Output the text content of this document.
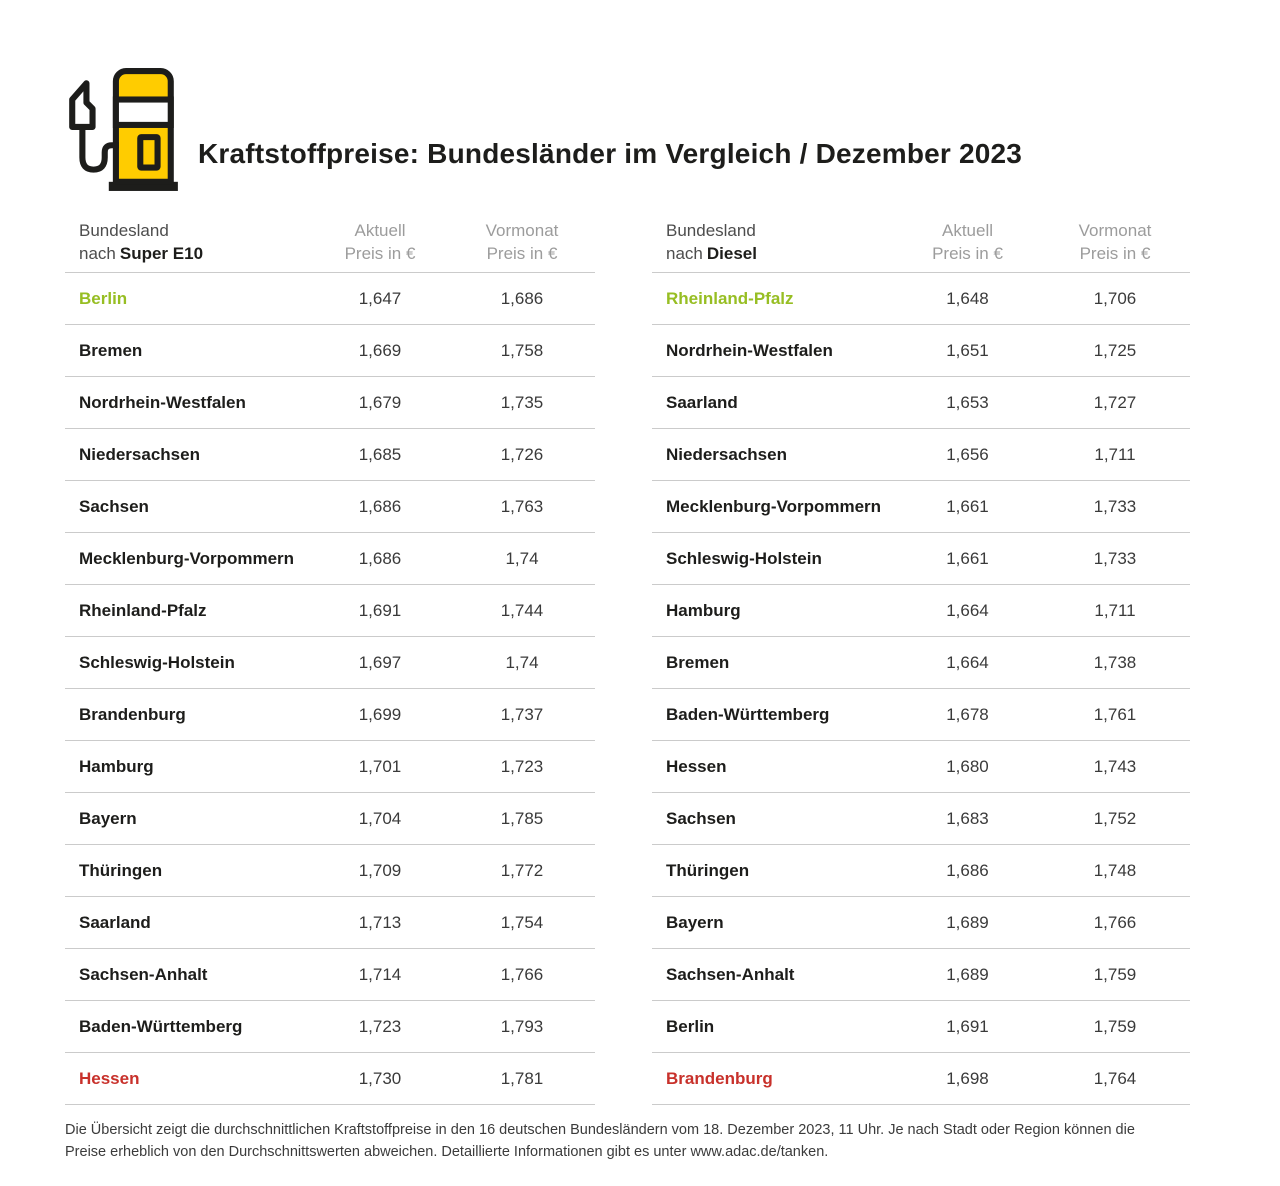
Kraftstoffpreise: Bundesländer im Vergleich / Dezember 2023
Bundesland
nach Super E10
Aktuell
Preis in €
Vormonat
Preis in €
Berlin	1,647	1,686
Bremen	1,669	1,758
Nordrhein-Westfalen	1,679	1,735
Niedersachsen	1,685	1,726
Sachsen	1,686	1,763
Mecklenburg-Vorpommern	1,686	1,74
Rheinland-Pfalz	1,691	1,744
Schleswig-Holstein	1,697	1,74
Brandenburg	1,699	1,737
Hamburg	1,701	1,723
Bayern	1,704	1,785
Thüringen	1,709	1,772
Saarland	1,713	1,754
Sachsen-Anhalt	1,714	1,766
Baden-Württemberg	1,723	1,793
Hessen	1,730	1,781
Bundesland
nach Diesel
Aktuell
Preis in €
Vormonat
Preis in €
Rheinland-Pfalz	1,648	1,706
Nordrhein-Westfalen	1,651	1,725
Saarland	1,653	1,727
Niedersachsen	1,656	1,711
Mecklenburg-Vorpommern	1,661	1,733
Schleswig-Holstein	1,661	1,733
Hamburg	1,664	1,711
Bremen	1,664	1,738
Baden-Württemberg	1,678	1,761
Hessen	1,680	1,743
Sachsen	1,683	1,752
Thüringen	1,686	1,748
Bayern	1,689	1,766
Sachsen-Anhalt	1,689	1,759
Berlin	1,691	1,759
Brandenburg	1,698	1,764
Die Übersicht zeigt die durchschnittlichen Kraftstoffpreise in den 16 deutschen Bundesländern vom 18. Dezember 2023, 11 Uhr. Je nach Stadt oder Region können die
Preise erheblich von den Durchschnittswerten abweichen. Detaillierte Informationen gibt es unter www.adac.de/tanken.
